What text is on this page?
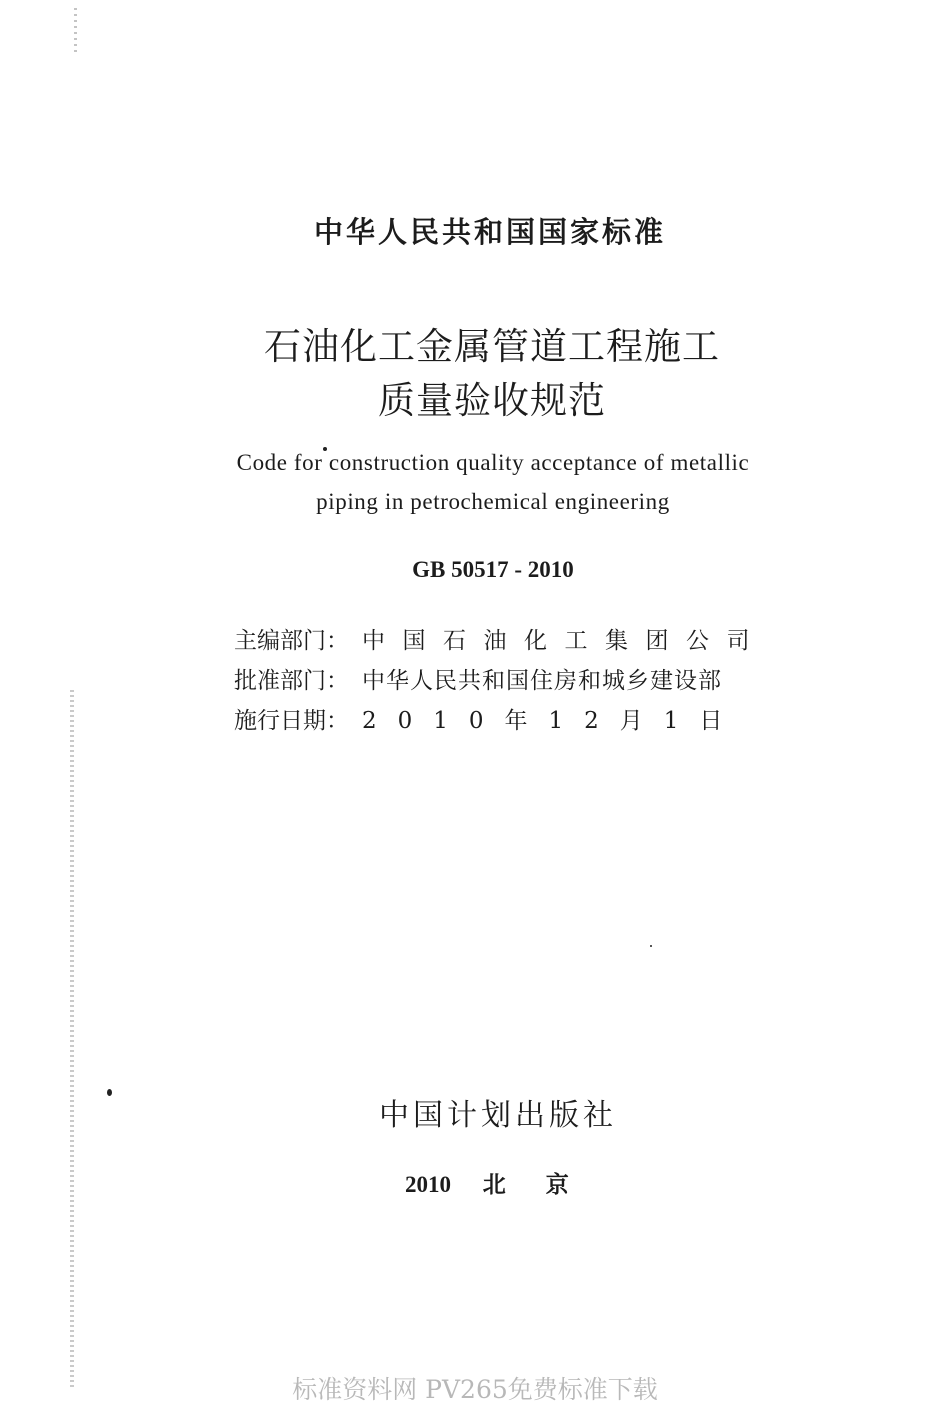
中华人民共和国国家标准
石油化工金属管道工程施工
质量验收规范
Code for construction quality acceptance of metallic
piping in petrochemical engineering
GB 50517 - 2010
主编部门： 中国石油化工集团公司
批准部门： 中华人民共和国住房和城乡建设部
施行日期： 2010年12月1日
中国计划出版社
2010 北京
标准资料网 PV265免费标准下载
